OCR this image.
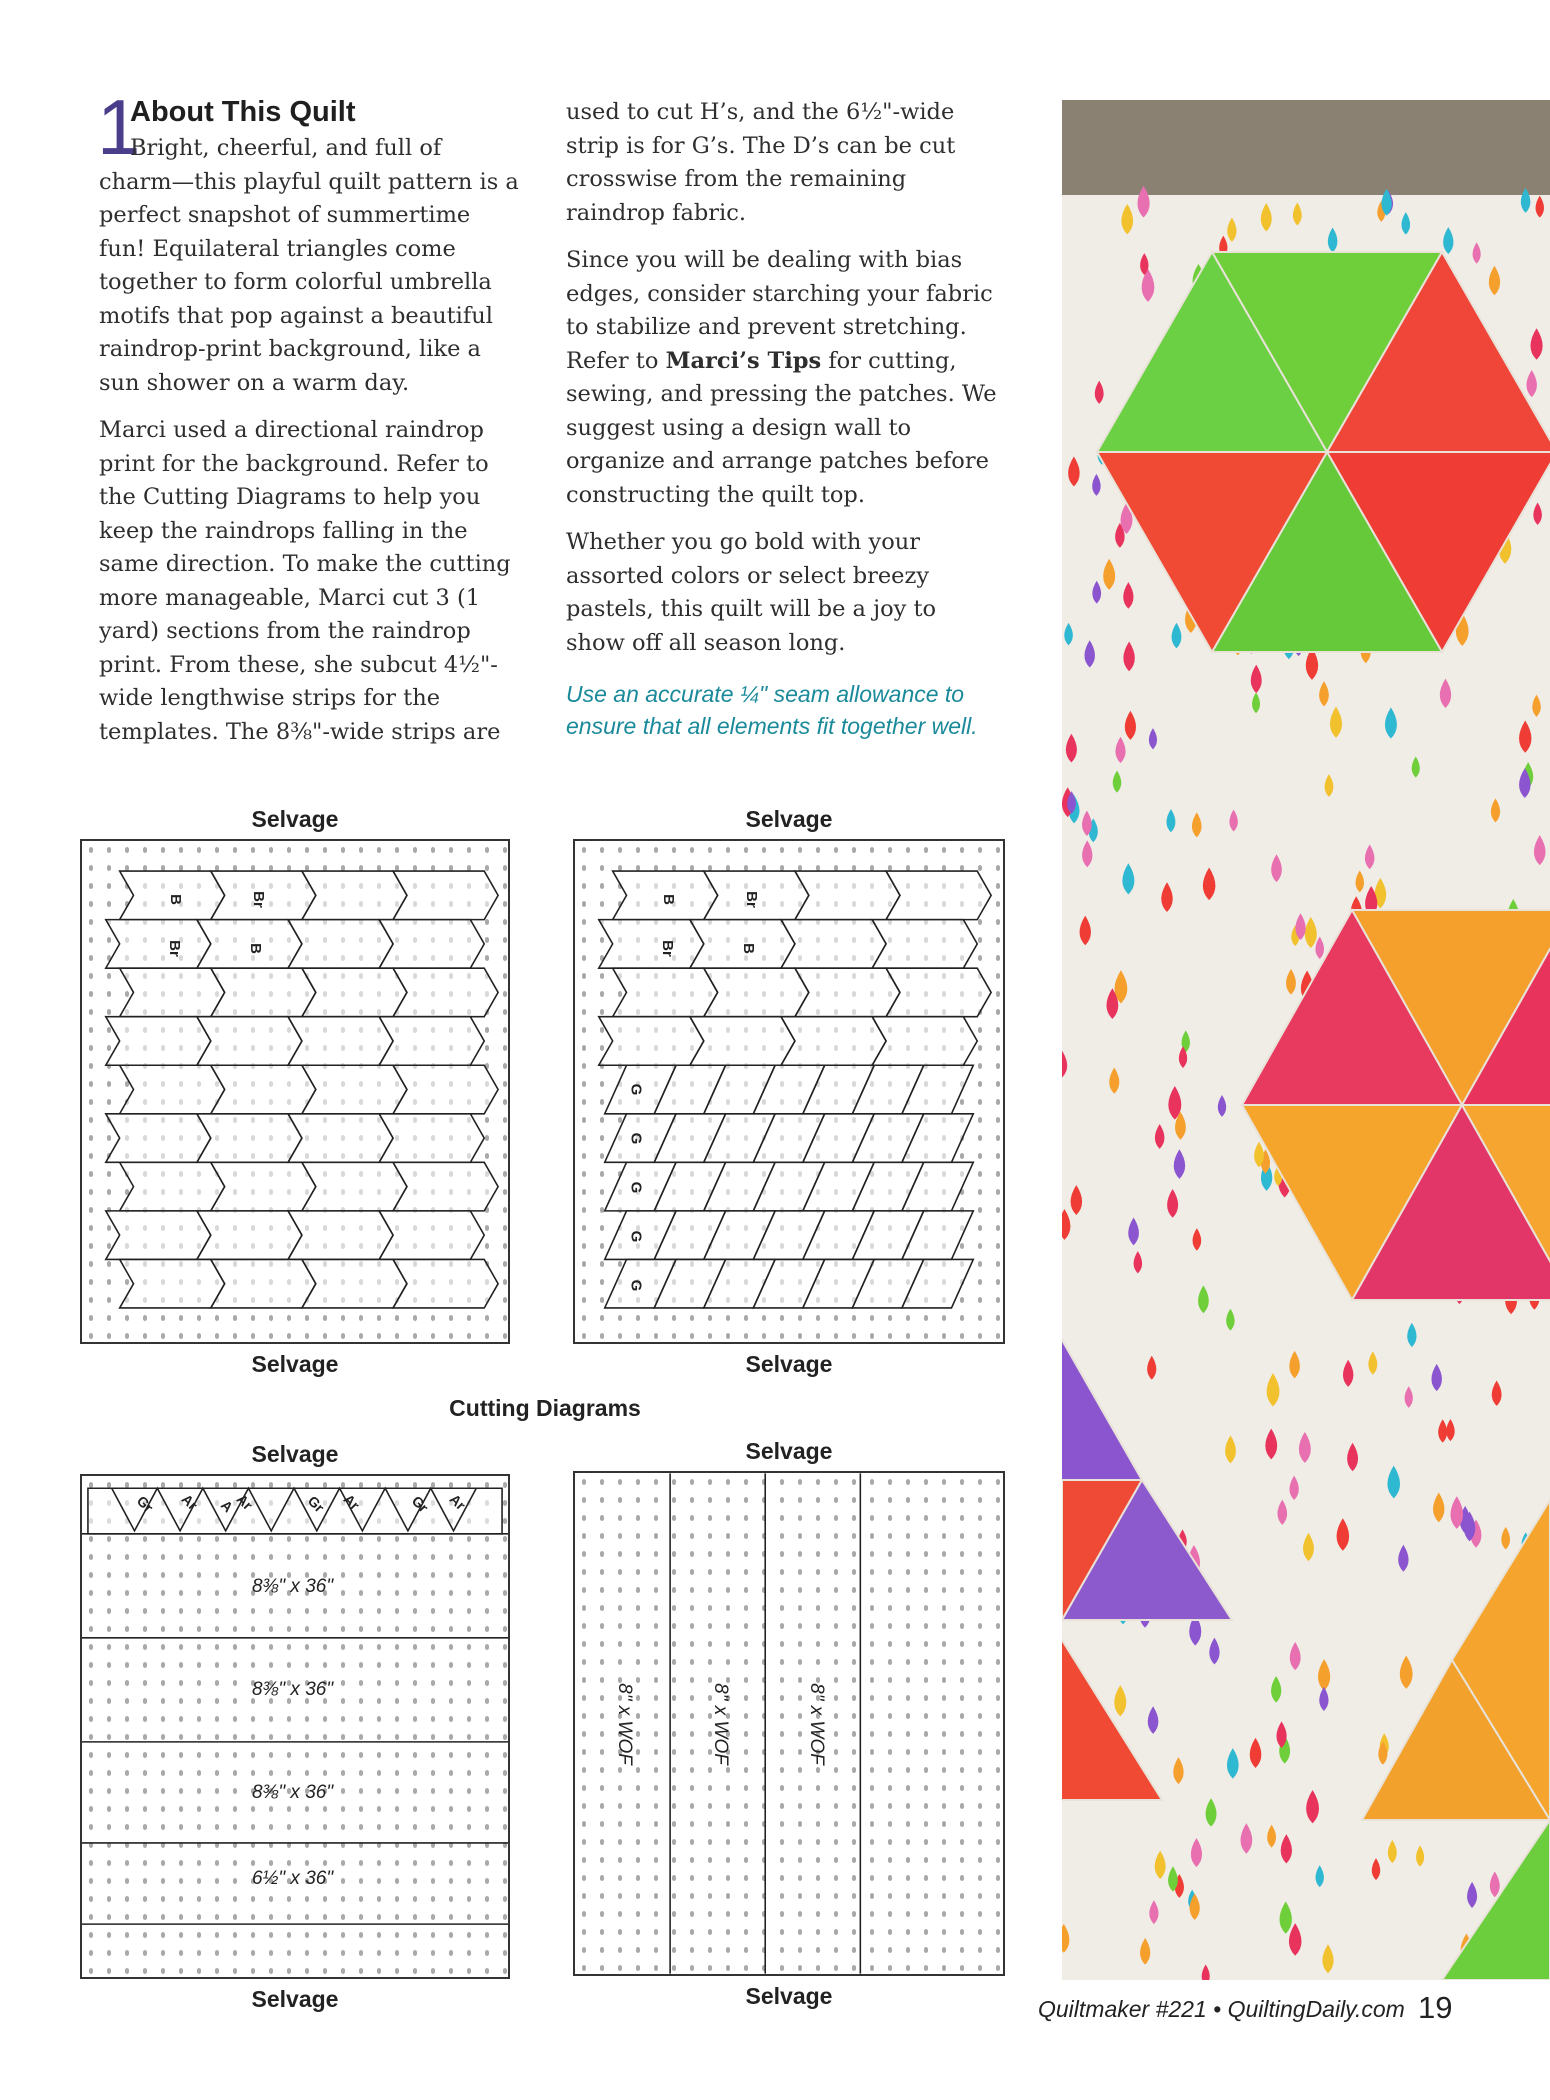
1
About This Quilt

Bright, cheerful, and full of charm—this playful quilt pattern is a perfect snapshot of summertime fun! Equilateral triangles come together to form colorful umbrella motifs that pop against a beautiful raindrop-print background, like a sun shower on a warm day.

Marci used a directional raindrop print for the background. Refer to the Cutting Diagrams to help you keep the raindrops falling in the same direction. To make the cutting more manageable, Marci cut 3 (1 yard) sections from the raindrop print. From these, she subcut 4½"-wide lengthwise strips for the templates. The 8⅜"-wide strips are

used to cut H’s, and the 6½"-wide strip is for G’s. The D’s can be cut crosswise from the remaining raindrop fabric.

Since you will be dealing with bias edges, consider starching your fabric to stabilize and prevent stretching. Refer to Marci’s Tips for cutting, sewing, and pressing the patches. We suggest using a design wall to organize and arrange patches before constructing the quilt top.

Whether you go bold with your assorted colors or select breezy pastels, this quilt will be a joy to show off all season long.

Use an accurate ¼" seam allowance to ensure that all elements fit together well.
Selvage
B	Br
Br	B
Selvage
Selvage
B	Br
Br	B
G
G
G
G
G
Selvage
Cutting Diagrams
Selvage
Gr Ar A
Ar	Gr Ar	Gr Ar
8⅜" x 36"
8⅜" x 36"
8⅜" x 36"
6½" x 36"
Selvage
Selvage
8" x WOF	8" x WOF	8" x WOF
Selvage	Quiltmaker #221 • QuiltingDaily.com 19
